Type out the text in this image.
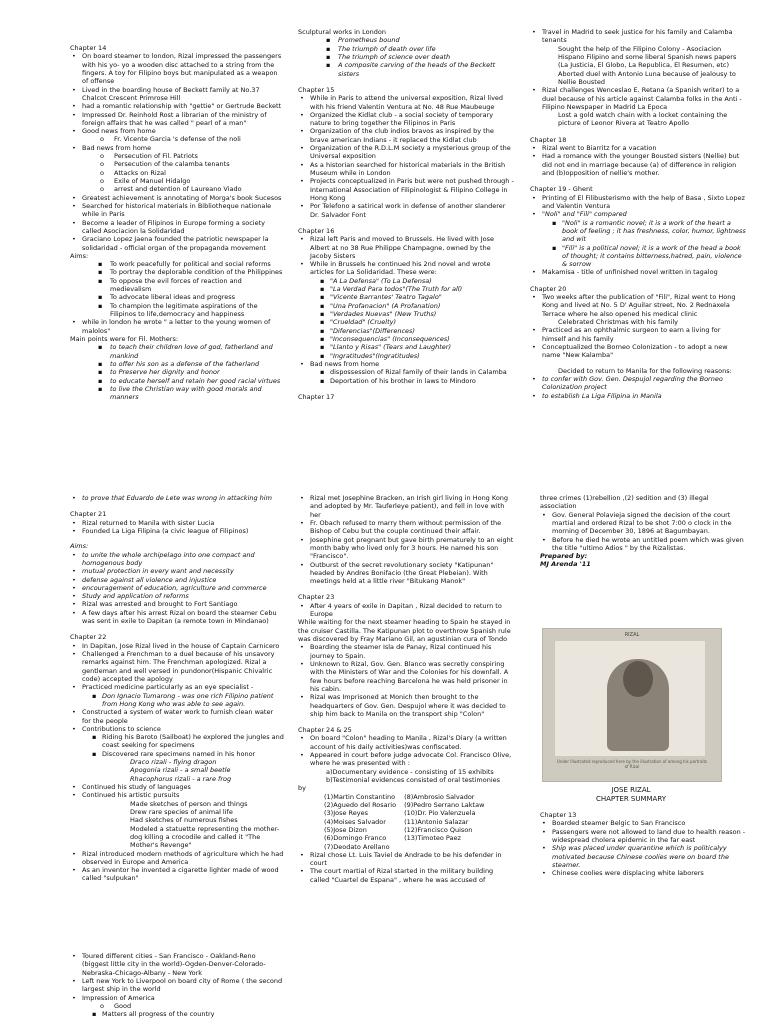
Chapter 14
• On board steamer to london, Rizal impressed the passengers with his yo- yo a wooden disc attached to a string from the fingers. A toy for Filipino boys but manipulated as a weapon of offense
• Lived in the boarding house of Beckett family at No.37 Chalcot Crescent Primrose Hill
• had a romantic relationship with "gettie" or Gertrude Beckett
• Impressed Dr. Reinhold Rost a librarian of the ministry of foreign affairs that he was called " pearl of a man"
• Good news from home
o Fr. Vicente Garcia 's defense of the noli
• Bad news from home
o Persecution of Fil. Patriots
o Persecution of the calamba tenants
o Attacks on Rizal
o Exile of Manuel Hidalgo
o arrest and detention of Laureano Viado
• Greatest achievement is annotating of Morga's book Sucesos
• Searched for historical materials in Bibliotheque nationale while in Paris
• Become a leader of Filipinos in Europe forming a society called Asociacion la Solidaridad
• Graciano Lopez Jaena founded the patriotic newspaper la solidaridad - official organ of the propaganda movement
Aims:
▪ To work peacefully for political and social reforms
▪ To portray the deplorable condition of the Philippines
▪ To oppose the evil forces of reaction and medievalism
▪ To advocate liberal ideas and progress
▪ To champion the legitimate aspirations of the Filipinos to life,democracy and happiness
• while in london he wrote " a letter to the young women of malolos"
Main points were for Fil. Mothers:
▪ to teach their children love of god, fatherland and mankind
▪ to offer his son as a defense of the fatherland
▪ to Preserve her dignity and honor
▪ to educate herself and retain her good racial virtues
▪ to live the Christian way with good morals and manners
Sculptural works in London
▪ Prometheus bound
▪ The triumph of death over life
▪ The triumph of science over death
▪ A composite carving of the heads of the Beckett sisters
Chapter 15
• While in Paris to attend the universal exposition, Rizal lived with his friend Valentin Ventura at No. 48 Rue Maubeuge
• Organized the Kidlat club - a social society of temporary nature to bring together the Filipinos in Paris
• Organization of the club indios bravos as inspired by the brave american Indians - it replaced the Kidlat club
• Organization of the R.D.L.M society a mysterious group of the Universal exposition
• As a historian searched for historical materials in the British Museum while in London
• Projects conceptualized in Paris but were not pushed through - International Association of Filipinologist & Filipino College in Hong Kong
• Por Telefono a satirical work in defense of another slanderer Dr. Salvador Font
Chapter 16
• Rizal left Paris and moved to Brussels. He lived with Jose Albert at no 38 Rue Philippe Champagne, owned by the Jacoby Sisters
• While in Brussels he continued his 2nd novel and wrote articles for La Solidaridad. These were:
▪ "A La Defensa" (To La Defensa)
▪ "La Verdad Para todos"(The Truth for all)
▪ "Vicente Barrantes' Teatro Tagalo"
▪ "Una Profanacion" (A Profanation)
▪ "Verdades Nuevas" (New Truths)
▪ "Crueldad" (Cruelty)
▪ "Diferencias"(Differences)
▪ "Inconsequencias" (Inconsequences)
▪ "Llanto y Risas" (Tears and Laughter)
▪ "Ingratitudes"(Ingratitudes)
• Bad news from home
▪ dispossession of Rizal family of their lands in Calamba
▪ Deportation of his brother in laws to Mindoro
Chapter 17
• Travel in Madrid to seek justice for his family and Calamba tenants
Sought the help of the Filipino Colony - Asociacion Hispano Filipino and some liberal Spanish news papers (La Justicia, El Globo, La Republica, El Resumen, etc)
Aborted duel with Antonio Luna because of jealousy to Nellie Bousted
• Rizal challenges Wenceslao E. Retana (a Spanish writer) to a duel because of his article against Calamba folks in the Anti - Filipino Newspaper in Madrid La Epoca
Lost a gold watch chain with a locket containing the picture of Leonor Rivera at Teatro Apollo
Chapter 18
• Rizal went to Biarritz for a vacation
• Had a romance with the younger Bousted sisters (Nellie) but did not end in marriage because (a) of difference in religion and (b)opposition of nellie's mother.
Chapter 19 - Ghent
• Printing of El Filibusterismo with the help of Basa , Sixto Lopez and Valentin Ventura
• "Noli" and "Fili" compared
▪ "Noli" is a romantic novel; it is a work of the heart a book of feeling ; it has freshness, color, humor, lightness and wit
▪ "Fili" is a political novel; it is a work of the head a book of thought; it contains bitterness,hatred, pain, violence & sorrow
• Makamisa - title of unfinished novel written in tagalog
Chapter 20
• Two weeks after the publication of "Fili", Rizal went to Hong Kong and lived at No. 5 D' Aguilar street, No. 2 Rednaxela Terrace where he also opened his medical clinic
Celebrated Christmas with his family
• Practiced as an ophthalmic surgeon to earn a living for himself and his family
• Conceptualized the Borneo Colonization - to adopt a new name "New Kalamba"
Decided to return to Manila for the following reasons:
• to confer with Gov. Gen. Despujol regarding the Borneo Colonization project
• to establish La Liga Filipina in Manila
• to prove that Eduardo de Lete was wrong in attacking him
Chapter 21
• Rizal returned to Manila with sister Lucia
• Founded La Liga Filipina (a civic league of Filipinos)
Aims:
• to unite the whole archipelago into one compact and homogenous body
• mutual protection in every want and necessity
• defense against all violence and injustice
• encouragement of education, agriculture and commerce
• Study and application of reforms
• Rizal was arrested and brought to Fort Santiago
• A few days after his arrest Rizal on board the steamer Cebu was sent in exile to Dapitan (a remote town in Mindanao)
Chapter 22
• In Dapitan, Jose Rizal lived in the house of Captain Carnicero
• Challenged a Frenchman to a duel because of his unsavory remarks against him. The Frenchman apologized. Rizal a gentleman and well versed in pundonor(Hispanic Chivalric code) accepted the apology
• Practiced medicine particularly as an eye specialist -
▪ Don Ignacio Tumarong - was one rich Filipino patient from Hong Kong who was able to see again.
• Constructed a system of water work to furnish clean water for the people
• Contributions to science
▪ Riding his Baroto (Sailboat) he explored the jungles and coast seeking for specimens
▪ Discovered rare specimens named in his honor
Draco rizali - flying dragon
Apogonia rizali - a small beetle
Rhacophorus rizali - a rare frog
• Continued his study of languages
• Continued his artistic pursuits
Made sketches of person and things
Drew rare species of animal life
Had sketches of numerous fishes
Modeled a statuette representing the mother-dog killing a crocodile and called it "The Mother's Revenge"
• Rizal introduced modern methods of agriculture which he had observed in Europe and America
• As an inventor he invented a cigarette lighter made of wood called "sulpukan"
• Rizal met Josephine Bracken, an Irish girl living in Hong Kong and adopted by Mr. Tauferleye patient), and fell in love with her
• Fr. Obach refused to marry them without permission of the Bishop of Cebu but the couple continued their affair.
• Josephine got pregnant but gave birth prematurely to an eight month baby who lived only for 3 hours. He named his son "Francisco".
• Outburst of the secret revolutionary society "Katipunan" headed by Andres Bonifacio (the Great Plebeian). With meetings held at a little river "Bitukang Manok"
Chapter 23
• After 4 years of exile in Dapitan , Rizal decided to return to Europe
While waiting for the next steamer heading to Spain he stayed in the cruiser Castilla. The Katipunan plot to overthrow Spanish rule was discovered by Fray Mariano Gil, an agustinian cura of Tondo
• Boarding the steamer Isla de Panay, Rizal continued his journey to Spain.
• Unknown to Rizal, Gov. Gen. Blanco was secretly conspiring with the Ministers of War and the Colonies for his downfall. A few hours before reaching Barcelona he was held prisoner in his cabin.
• Rizal was Imprisoned at Monich then brought to the headquarters of Gov. Gen. Despujol where it was decided to ship him back to Manila on the transport ship "Colon"
Chapter 24 & 25
• On board "Colon" heading to Manila , Rizal's Diary (a written account of his daily activities)was confiscated.
• Appeared in court before judge advocate Col. Francisco Olive, where he was presented with :
a)Documentary evidence - consisting of 15 exhibits
b)Testimonial evidences consisted of oral testimonies
by
(1)Martin Constantino	(8)Ambrosio Salvador
(2)Aguedo del Rosario	(9)Pedro Serrano Laktaw
(3)Jose Reyes	(10)Dr. Pio Valenzuela
(4)Moises Salvador	(11)Antonio Salazar
(5)Jose Dizon	(12)Francisco Quison
(6)Domingo Franco	(13)Timoteo Paez
(7)Deodato Arellano	
• Rizal chose Lt. Luis Taviel de Andrade to be his defender in court
• The court martial of Rizal started in the military building called "Cuartel de Espana" , where he was accused of
three crimes (1)rebellion ,(2) sedition and (3) illegal association
• Gov. General Polavieja signed the decision of the court martial and ordered Rizal to be shot 7:00 o clock in the morning of December 30, 1896 at Bagumbayan.
• Before he died he wrote an untitled poem which was given the title "ultimo Adios " by the Rizalistas.
Prepared by:
MJ Arenda '11
RIZAL
Under Illustrated reproduced here by the illustration of among his portraits of Rizal
JOSE RIZAL
CHAPTER SUMMARY
Chapter 13
• Boarded steamer Belgic to San Francisco
• Passengers were not allowed to land due to health reason - widespread cholera epidemic in the far east
• Ship was placed under quarantine which is politicalyy motivated because Chinese coolies were on board the steamer.
• Chinese coolies were displacing white laborers
• Toured different cities - San Francisco - Oakland-Reno (biggest little city in the world)-Ogden-Denver-Colorado-Nebraska-Chicago-Albany - New York
• Left new York to Liverpool on board city of Rome ( the second largest ship in the world
• Impression of America
o Good
▪ Matters all progress of the country
